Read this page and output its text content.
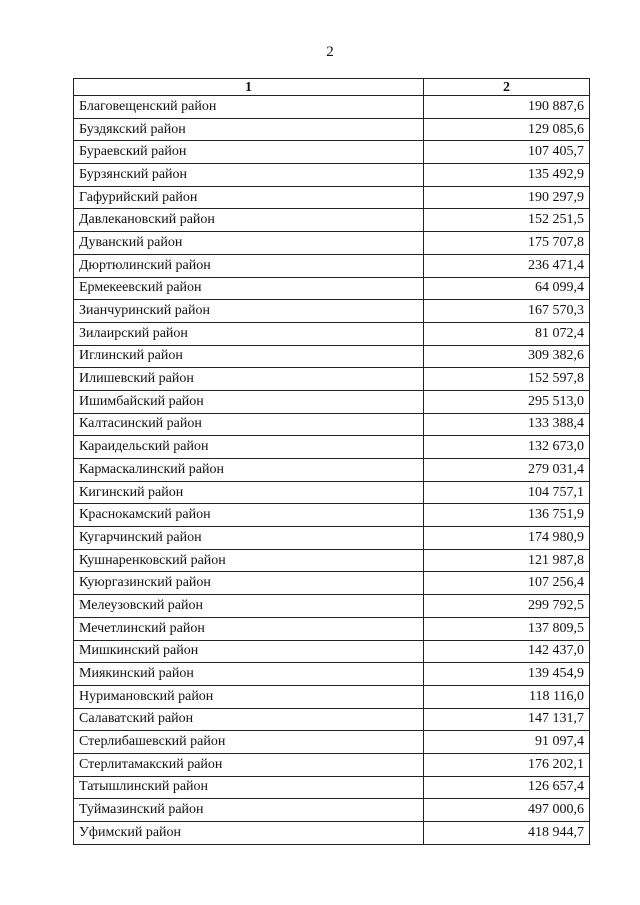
2
1	2
Благовещенский район	190 887,6
Буздякский район	129 085,6
Бураевский район	107 405,7
Бурзянский район	135 492,9
Гафурийский район	190 297,9
Давлекановский район	152 251,5
Дуванский район	175 707,8
Дюртюлинский район	236 471,4
Ермекеевский район	64 099,4
Зианчуринский район	167 570,3
Зилаирский район	81 072,4
Иглинский район	309 382,6
Илишевский район	152 597,8
Ишимбайский район	295 513,0
Калтасинский район	133 388,4
Караидельский район	132 673,0
Кармаскалинский район	279 031,4
Кигинский район	104 757,1
Краснокамский район	136 751,9
Кугарчинский район	174 980,9
Кушнаренковский район	121 987,8
Куюргазинский район	107 256,4
Мелеузовский район	299 792,5
Мечетлинский район	137 809,5
Мишкинский район	142 437,0
Миякинский район	139 454,9
Нуримановский район	118 116,0
Салаватский район	147 131,7
Стерлибашевский район	91 097,4
Стерлитамакский район	176 202,1
Татышлинский район	126 657,4
Туймазинский район	497 000,6
Уфимский район	418 944,7
